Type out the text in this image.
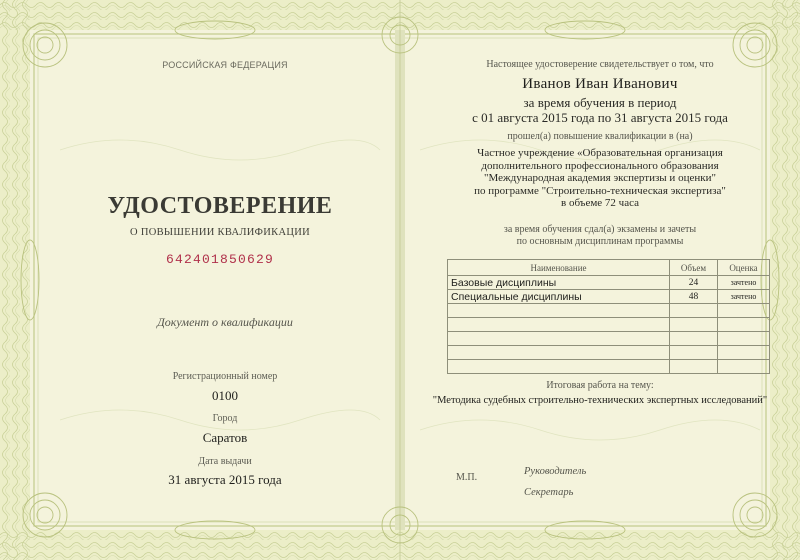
РОССИЙСКАЯ ФЕДЕРАЦИЯ
УДОСТОВЕРЕНИЕ
О ПОВЫШЕНИИ КВАЛИФИКАЦИИ
642401850629
Документ о квалификации
Регистрационный номер
0100
Город
Саратов
Дата выдачи
31 августа 2015 года
Настоящее удостоверение свидетельствует о том, что
Иванов Иван Иванович
за время обучения в период
с 01 августа 2015 года по 31 августа 2015 года
прошел(а) повышение квалификации в (на)
Частное учреждение «Образовательная организация
дополнительного профессионального образования
"Международная академия экспертизы и оценки"
по программе "Строительно-техническая экспертиза"
в объеме 72 часа
за время обучения сдал(а) экзамены и зачеты
по основным дисциплинам программы
Наименование	Объем	Оценка
Базовые дисциплины	24	зачтено
Специальные дисциплины	48	зачтено

Итоговая работа на тему:
"Методика судебных строительно-технических экспертных исследований"
М.П.
Руководитель
Секретарь
